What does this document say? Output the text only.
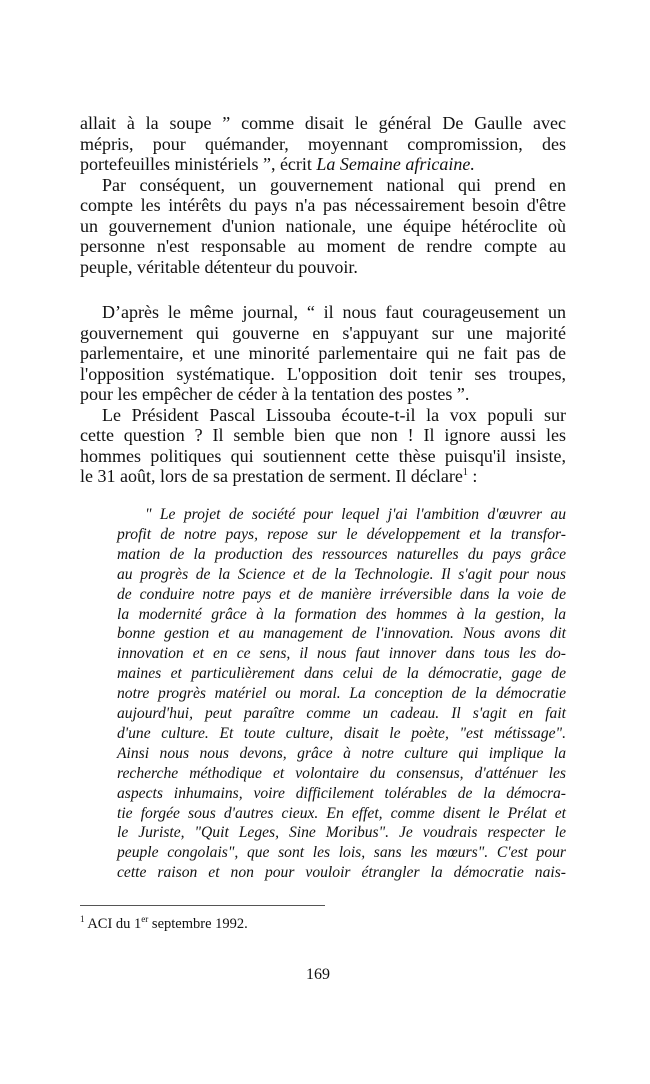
allait à la soupe ” comme disait le général De Gaulle avec
mépris, pour quémander, moyennant compromission, des
portefeuilles ministériels ”, écrit La Semaine africaine.
Par conséquent, un gouvernement national qui prend en
compte les intérêts du pays n'a pas nécessairement besoin d'être
un gouvernement d'union nationale, une équipe hétéroclite où
personne n'est responsable au moment de rendre compte au
peuple, véritable détenteur du pouvoir.
D’après le même journal, “ il nous faut courageusement un
gouvernement qui gouverne en s'appuyant sur une majorité
parlementaire, et une minorité parlementaire qui ne fait pas de
l'opposition systématique. L'opposition doit tenir ses troupes,
pour les empêcher de céder à la tentation des postes ”.
Le Président Pascal Lissouba écoute-t-il la vox populi sur
cette question ? Il semble bien que non ! Il ignore aussi les
hommes politiques qui soutiennent cette thèse puisqu'il insiste,
le 31 août, lors de sa prestation de serment. Il déclare$^1$ :
" Le projet de société pour lequel j'ai l'ambition d'œuvrer au
profit de notre pays, repose sur le développement et la transfor-
mation de la production des ressources naturelles du pays grâce
au progrès de la Science et de la Technologie. Il s'agit pour nous
de conduire notre pays et de manière irréversible dans la voie de
la modernité grâce à la formation des hommes à la gestion, la
bonne gestion et au management de l'innovation. Nous avons dit
innovation et en ce sens, il nous faut innover dans tous les do-
maines et particulièrement dans celui de la démocratie, gage de
notre progrès matériel ou moral. La conception de la démocratie
aujourd'hui, peut paraître comme un cadeau. Il s'agit en fait
d'une culture. Et toute culture, disait le poète, "est métissage".
Ainsi nous nous devons, grâce à notre culture qui implique la
recherche méthodique et volontaire du consensus, d'atténuer les
aspects inhumains, voire difficilement tolérables de la démocra-
tie forgée sous d'autres cieux. En effet, comme disent le Prélat et
le Juriste, "Quit Leges, Sine Moribus". Je voudrais respecter le
peuple congolais", que sont les lois, sans les mœurs". C'est pour
cette raison et non pour vouloir étrangler la démocratie nais-
$^1$ ACI du 1er septembre 1992.
169
